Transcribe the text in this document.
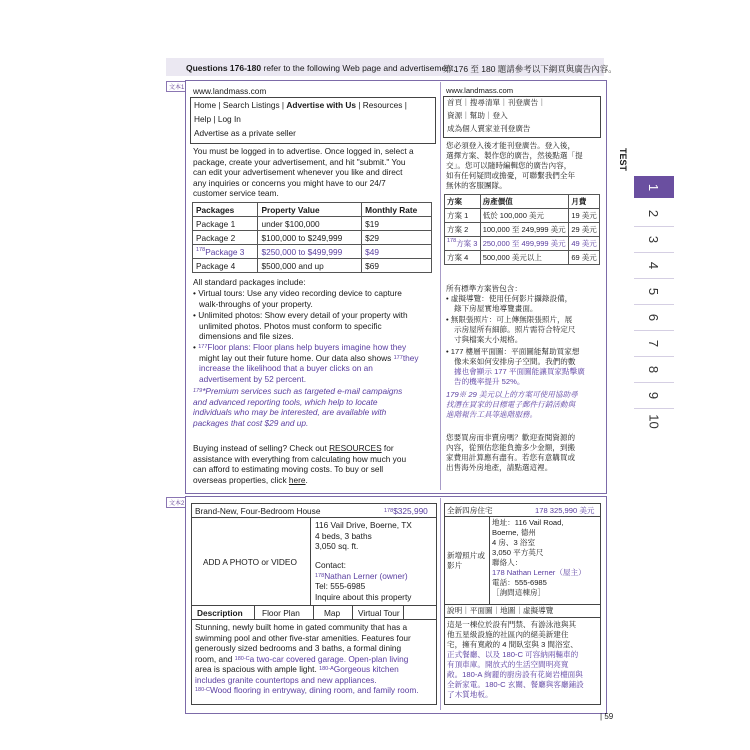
Questions 176-180 refer to the following Web page and advertisement.
第 176 至 180 題請參考以下網頁與廣告內容。
文本1
文本2
www.landmass.com
Home | Search Listings | Advertise with Us | Resources |
Help | Log In
Advertise as a private seller
You must be logged in to advertise. Once logged in, select a
package, create your advertisement, and hit "submit." You
can edit your advertisement whenever you like and direct
any inquiries or concerns you might have to our 24/7
customer service team.
Packages	Property Value	Monthly Rate
Package 1	under $100,000	$19
Package 2	$100,000 to $249,999	$29
$^{178}$Package 3	$250,000 to $499,999	$49
Package 4	$500,000 and up	$69
All standard packages include:
• Virtual tours: Use any video recording device to capture
walk-throughs of your property.
• Unlimited photos: Show every detail of your property with
unlimited photos. Photos must conform to specific
dimensions and file sizes.
• $^{177}$Floor plans: Floor plans help buyers imagine how they
might lay out their future home. Our data also shows $^{177}$they
increase the likelihood that a buyer clicks on an
advertisement by 52 percent.
$^{179}$*Premium services such as targeted e-mail campaigns
and advanced reporting tools, which help to locate
individuals who may be interested, are available with
packages that cost $29 and up.
Buying instead of selling? Check out RESOURCES for
assistance with everything from calculating how much you
can afford to estimating moving costs. To buy or sell
overseas properties, click here.
www.landmass.com
首頁｜搜尋清單｜刊登廣告｜
資源｜幫助｜登入
成為個人賣家並刊登廣告
您必須登入後才能刊登廣告。登入後，
選擇方案、製作您的廣告，然後點選「提
交」。您可以隨時編輯您的廣告內容，
如有任何疑問或擔憂，可聯繫我們全年
無休的客服團隊。
方案	房產價值	月費
方案 1	低於 100,000 美元	19 美元
方案 2	100,000 至 249,999 美元	29 美元
$^{178}$方案 3	250,000 至 499,999 美元	49 美元
方案 4	500,000 美元以上	69 美元
所有標準方案皆包含：
• 虛擬導覽：使用任何影片攝錄設備，
錄下房屋實地導覽畫面。
• 無限張照片：可上傳無限張照片，展
示房屋所有細節。照片需符合特定尺
寸與檔案大小規格。
• 177 樓層平面圖：平面圖能幫助買家想
像未來如何安排房子空間。我們的數
據也會顯示 177 平面圖能讓買家點擊廣
告的機率提升 52%。
179※ 29 美元以上的方案可使用協助尋
找潛在買家的目標電子郵件行銷活動與
進階報告工具等進階服務。
您要買房而非賣房嗎？歡迎查閱資源的
內容，從預估您能負擔多少金額，到搬
家費用計算應有盡有。若您有意購買或
出售海外房地產，請點選這裡。
Brand-New, Four-Bedroom House	$^{178}$\$325,990
ADD A PHOTO or VIDEO
116 Vail Drive, Boerne, TX
4 beds, 3 baths
3,050 sq. ft.
Contact:
$^{178}$Nathan Lerner (owner)
Tel: 555-6985
Inquire about this property
Description Floor Plan	Map Virtual Tour
Stunning, newly built home in gated community that has a
swimming pool and other five-star amenities. Features four
generously sized bedrooms and 3 baths, a formal dining
room, and $^{180-C}$a two-car covered garage. Open-plan living
area is spacious with ample light. $^{180-A}$Gorgeous kitchen
includes granite countertops and new appliances.
$^{180-C}$Wood flooring in entryway, dining room, and family room.
全新四房住宅	178 325,990 美元
新增照片或
影片
地址：116 Vail Road,
Boerne, 德州
4 房、3 浴室
3,050 平方英尺
聯絡人：
178 Nathan Lerner（屋主）
電話：555-6985
［詢問這棟房］
說明｜平面圖｜地圖｜虛擬導覽
這是一棟位於設有門禁、有游泳池與其
他五星級設施的社區內的絕美新建住
宅，擁有寬敞的 4 間臥室與 3 間浴室、
正式餐廳、以及 180-C 可容納兩輛車的
有頂車庫。開放式的生活空間明亮寬
敞。180-A 絢麗的廚房設有花崗岩檯面與
全新家電。180-C 玄關、餐廳與客廳鋪設
了木質地板。
TEST
1
2
3
4
5
6
7
8
9
10
| 59
